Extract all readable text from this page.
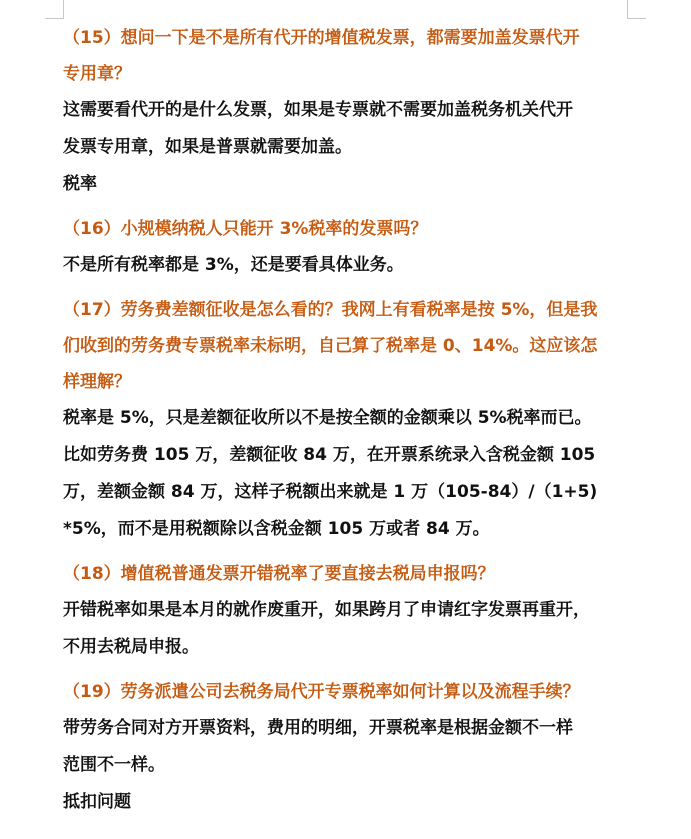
（15）想问一下是不是所有代开的增值税发票，都需要加盖发票代开
专用章？

这需要看代开的是什么发票，如果是专票就不需要加盖税务机关代开
发票专用章，如果是普票就需要加盖。
税率

（16）小规模纳税人只能开 3%税率的发票吗？

不是所有税率都是 3%，还是要看具体业务。

（17）劳务费差额征收是怎么看的？我网上有看税率是按 5%，但是我
们收到的劳务费专票税率未标明，自己算了税率是 0、14%。这应该怎
样理解？

税率是 5%，只是差额征收所以不是按全额的金额乘以 5%税率而已。
比如劳务费 105 万，差额征收 84 万，在开票系统录入含税金额 105
万，差额金额 84 万，这样子税额出来就是 1 万（105-84）/（1+5)
*5%，而不是用税额除以含税金额 105 万或者 84 万。

（18）增值税普通发票开错税率了要直接去税局申报吗？

开错税率如果是本月的就作废重开，如果跨月了申请红字发票再重开，
不用去税局申报。

（19）劳务派遣公司去税务局代开专票税率如何计算以及流程手续？

带劳务合同对方开票资料，费用的明细，开票税率是根据金额不一样
范围不一样。
抵扣问题
